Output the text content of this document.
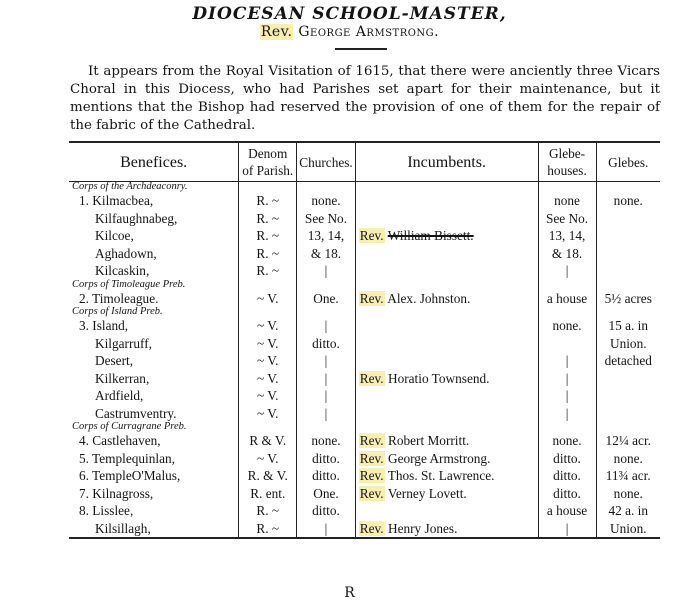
DIOCESAN SCHOOL-MASTER,
Rev. George Armstrong.
It appears from the Royal Visitation of 1615, that there were anciently three Vicars Choral in this Diocess, who had Parishes set apart for their maintenance, but it mentions that the Bishop had reserved the provision of one of them for the repair of the fabric of the Cathedral.
Benefices.	Denom of Parish.	Churches.	Incumbents.	Glebe-houses.	Glebes.
Corps of the Archdeaconry.					
1. Kilmacbea,	R. ~	none.		none	none.
Kilfaughnabeg,	R. ~	See No.		See No.	
Kilcoe,	R. ~	13, 14,	Rev. William Bissett.	13, 14,	
Aghadown,	R. ~	& 18.		& 18.	
Kilcaskin,	R. ~	|		|	
Corps of Timoleague Preb.					
2. Timoleague.	~ V.	One.	Rev. Alex. Johnston.	a house	5½ acres
Corps of Island Preb.					
3. Island,	~ V.	|		none.	15 a. in
Kilgarruff,	~ V.	ditto.			Union.
Desert,	~ V.	|		|	detached
Kilkerran,	~ V.	|	Rev. Horatio Townsend.	|	
Ardfield,	~ V.	|		|	
Castrumventry.	~ V.	|		|	
Corps of Curragrane Preb.					
4. Castlehaven,	R & V.	none.	Rev. Robert Morritt.	none.	12¼ acr.
5. Templequinlan,	~ V.	ditto.	Rev. George Armstrong.	ditto.	none.
6. TempleO'Malus,	R. & V.	ditto.	Rev. Thos. St. Lawrence.	ditto.	11¾ acr.
7. Kilnagross,	R. ent.	One.	Rev. Verney Lovett.	ditto.	none.
8. Lisslee,	R. ~	ditto.		a house	42 a. in
Kilsillagh,	R. ~	|	Rev. Henry Jones.	|	Union.
R
